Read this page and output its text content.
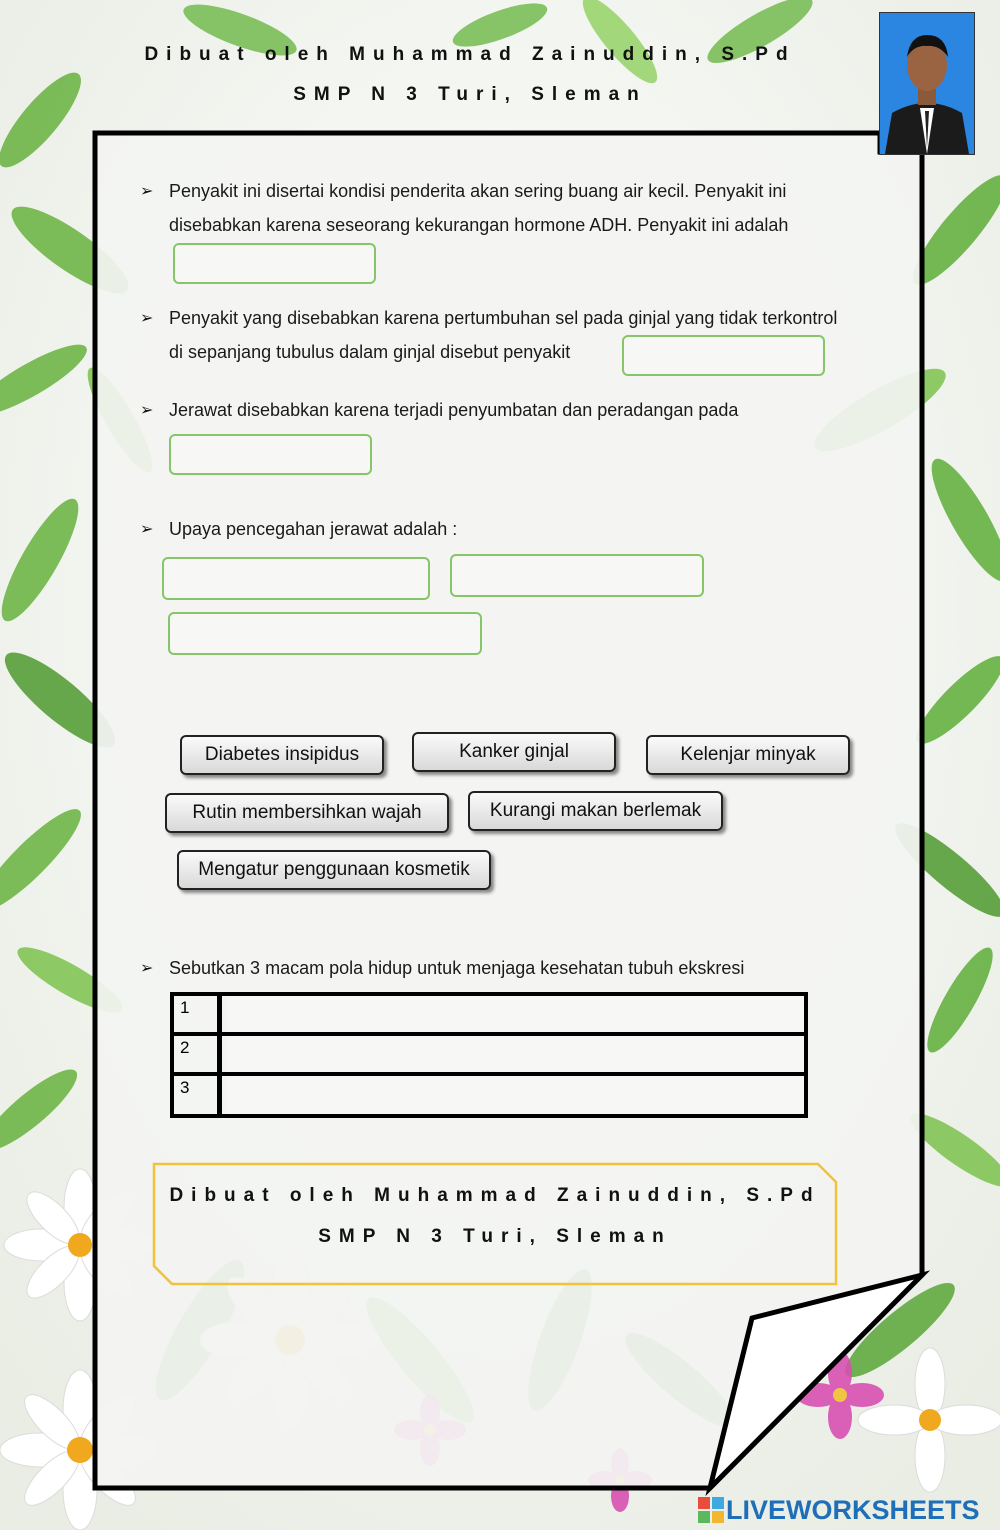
Dibuat oleh Muhammad Zainuddin, S.Pd
SMP N 3 Turi, Sleman
➢ Penyakit ini disertai kondisi penderita akan sering buang air kecil. Penyakit ini
disebabkan karena seseorang kekurangan hormone ADH. Penyakit ini adalah
➢ Penyakit yang disebabkan karena pertumbuhan sel pada ginjal yang tidak terkontrol
di sepanjang tubulus dalam ginjal disebut penyakit
➢ Jerawat disebabkan karena terjadi penyumbatan dan peradangan pada
➢ Upaya pencegahan jerawat adalah :
Diabetes insipidus	Kanker ginjal	Kelenjar minyak
Rutin membersihkan wajah	Kurangi makan berlemak
Mengatur penggunaan kosmetik
➢ Sebutkan 3 macam pola hidup untuk menjaga kesehatan tubuh ekskresi
1
2
3
Dibuat oleh Muhammad Zainuddin, S.Pd
SMP N 3 Turi, Sleman
LIVEWORKSHEETS
